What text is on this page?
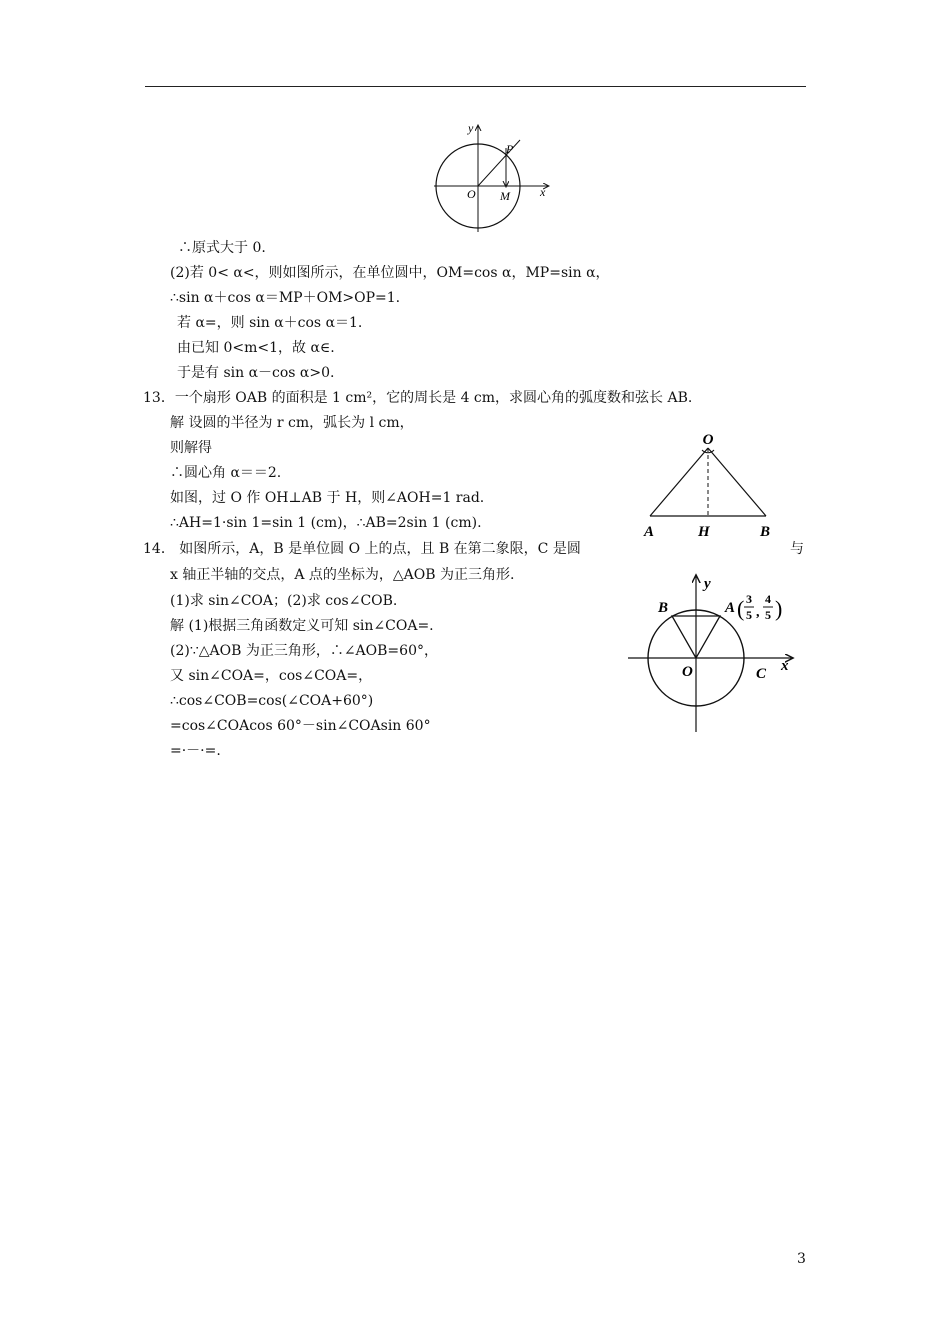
y
x
O M
P
∴原式大于 0.
(2)若 0< α<，则如图所示，在单位圆中，OM=cos α，MP=sin α，
∴sin α＋cos α＝MP＋OM>OP=1.
若 α=，则 sin α＋cos α＝1.
由已知 0<m<1，故 α∈.
于是有 sin α－cos α>0.
13．一个扇形 OAB 的面积是 1 cm²，它的周长是 4 cm，求圆心角的弧度数和弦长 AB.
解 设圆的半径为 r cm，弧长为 l cm，
则解得
∴圆心角 α＝＝2.
如图，过 O 作 OH⊥AB 于 H，则∠AOH=1 rad.
∴AH=1·sin 1=sin 1 (cm)，∴AB=2sin 1 (cm).
14． 如图所示，A，B 是单位圆 O 上的点，且 B 在第二象限，C 是圆	与
x 轴正半轴的交点，A 点的坐标为，△AOB 为正三角形.
(1)求 sin∠COA；(2)求 cos∠COB.
解 (1)根据三角函数定义可知 sin∠COA=.
(2)∵△AOB 为正三角形，∴∠AOB=60°，
又 sin∠COA=，cos∠COA=，
∴cos∠COB=cos(∠COA+60°)
=cos∠COAcos 60°－sin∠COAsin 60°
=·－·=.
O
A	H	B
y
x
O	C
B	A ( 3
5 ,
4
5 )
3
